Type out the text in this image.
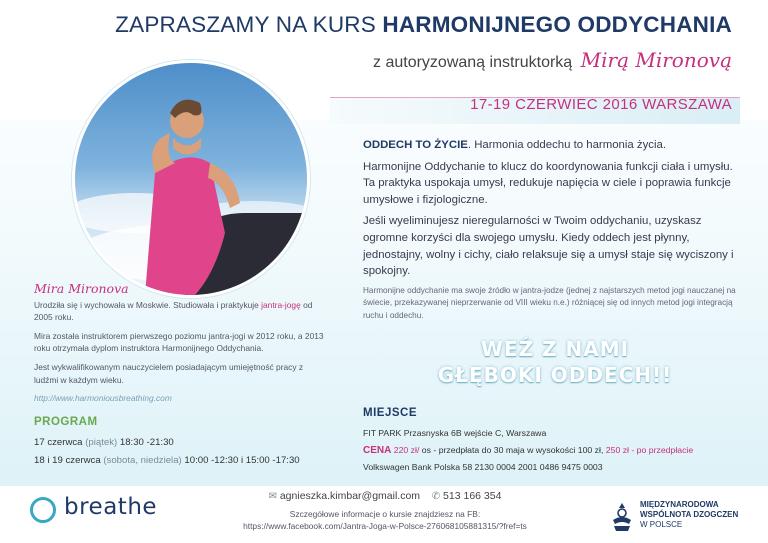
ZAPRASZAMY NA KURS HARMONIJNEGO ODDYCHANIA
z autoryzowaną instruktorką Mirą Mironovą
17-19 CZERWIEC 2016 WARSZAWA
Mira Mironova

Urodziła się i wychowała w Moskwie. Studiowała i praktykuje jantra-jogę od 2005 roku.

Mira została instruktorem pierwszego poziomu jantra-jogi w 2012 roku, a 2013 roku otrzymała dyplom instruktora Harmonijnego Oddychania.

Jest wykwalifikowanym nauczycielem posiadającym umiejętność pracy z ludźmi w każdym wieku.

http://www.harmoniousbreathing.com

ODDECH TO ŻYCIE. Harmonia oddechu to harmonia życia.

Harmonijne Oddychanie to klucz do koordynowania funkcji ciała i umysłu. Ta praktyka uspokaja umysł, redukuje napięcia w ciele i poprawia funkcje umysłowe i fizjologiczne.

Jeśli wyeliminujesz nieregularności w Twoim oddychaniu, uzyskasz ogromne korzyści dla swojego umysłu. Kiedy oddech jest płynny, jednostajny, wolny i cichy, ciało relaksuje się a umysł staje się wyciszony i spokojny.

Harmonijne oddychanie ma swoje źródło w jantra-jodze (jednej z najstarszych metod jogi nauczanej na świecie, przekazywanej nieprzerwanie od VIII wieku n.e.) różniącej się od innych metod jogi integracją ruchu i oddechu.

WEŹ Z NAMI
GŁĘBOKI ODDECH!!
PROGRAM
17 czerwca (piątek) 18:30 -21:30
18 i 19 czerwca (sobota, niedziela) 10:00 -12:30 i 15:00 -17:30
MIEJSCE
FIT PARK Przasnyska 6B wejście C, Warszawa
CENA 220 zł/ os - przedpłata do 30 maja w wysokości 100 zł, 250 zł - po przedpłacie
Volkswagen Bank Polska 58 2130 0004 2001 0486 9475 0003
breathe	✉ agnieszka.kimbar@gmail.com ✆ 513 166 354
Szczegółowe informacje o kursie znajdziesz na FB:
https://www.facebook.com/Jantra-Joga-w-Polsce-276068105881315/?fref=ts
MIĘDZYNARODOWA
WSPÓLNOTA DZOGCZEN
W POLSCE
